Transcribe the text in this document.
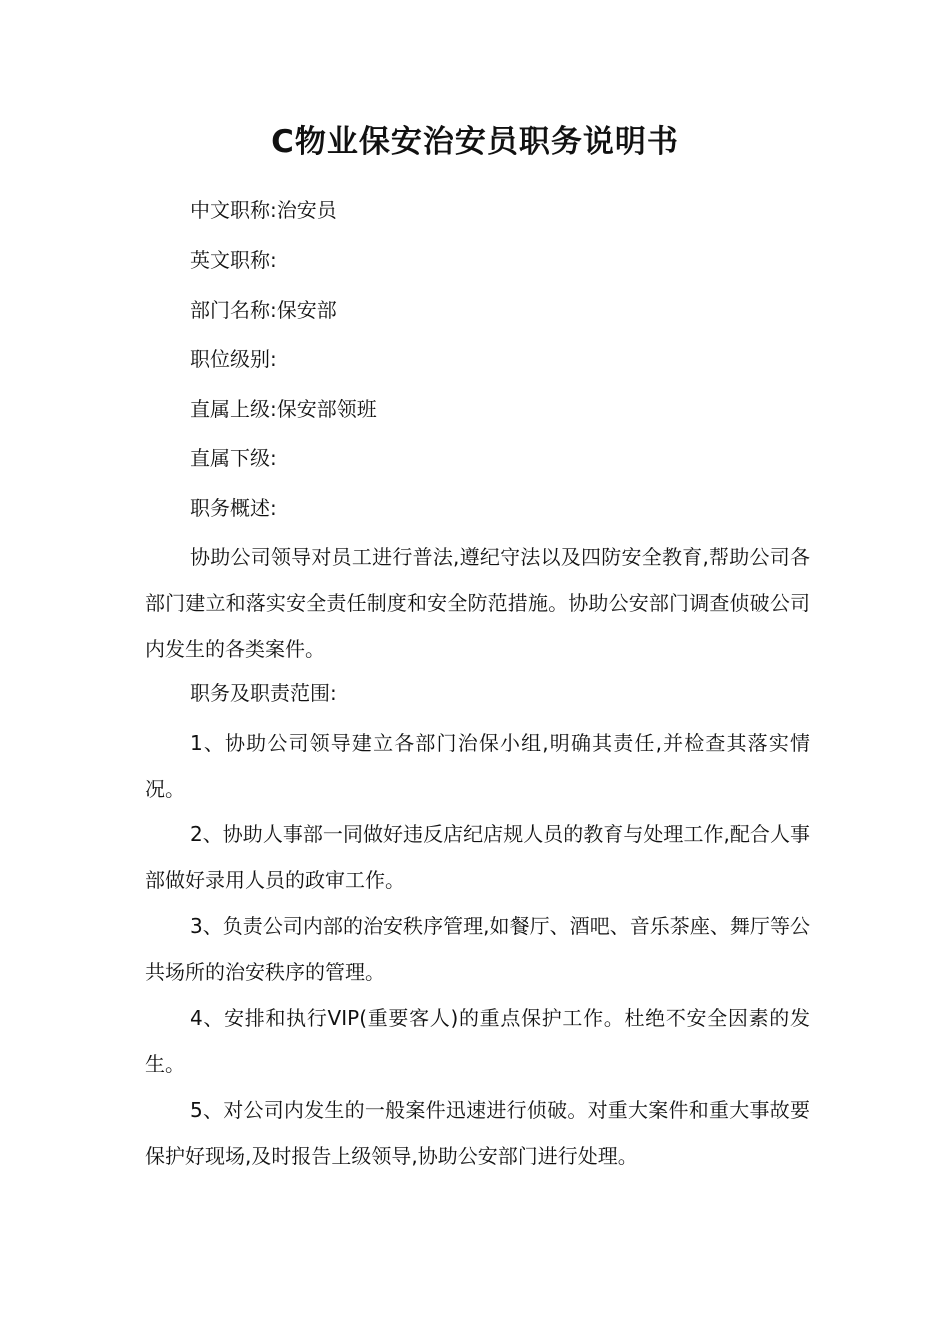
C物业保安治安员职务说明书
中文职称:治安员
英文职称:
部门名称:保安部
职位级别:
直属上级:保安部领班
直属下级:
职务概述:

协助公司领导对员工进行普法,遵纪守法以及四防安全教育,帮助公司各部门建立和落实安全责任制度和安全防范措施。协助公安部门调查侦破公司内发生的各类案件。

职务及职责范围:

1、协助公司领导建立各部门治保小组,明确其责任,并检查其落实情况。

2、协助人事部一同做好违反店纪店规人员的教育与处理工作,配合人事部做好录用人员的政审工作。

3、负责公司内部的治安秩序管理,如餐厅、酒吧、音乐茶座、舞厅等公共场所的治安秩序的管理。

4、安排和执行VIP(重要客人)的重点保护工作。杜绝不安全因素的发生。

5、对公司内发生的一般案件迅速进行侦破。对重大案件和重大事故要保护好现场,及时报告上级领导,协助公安部门进行处理。
